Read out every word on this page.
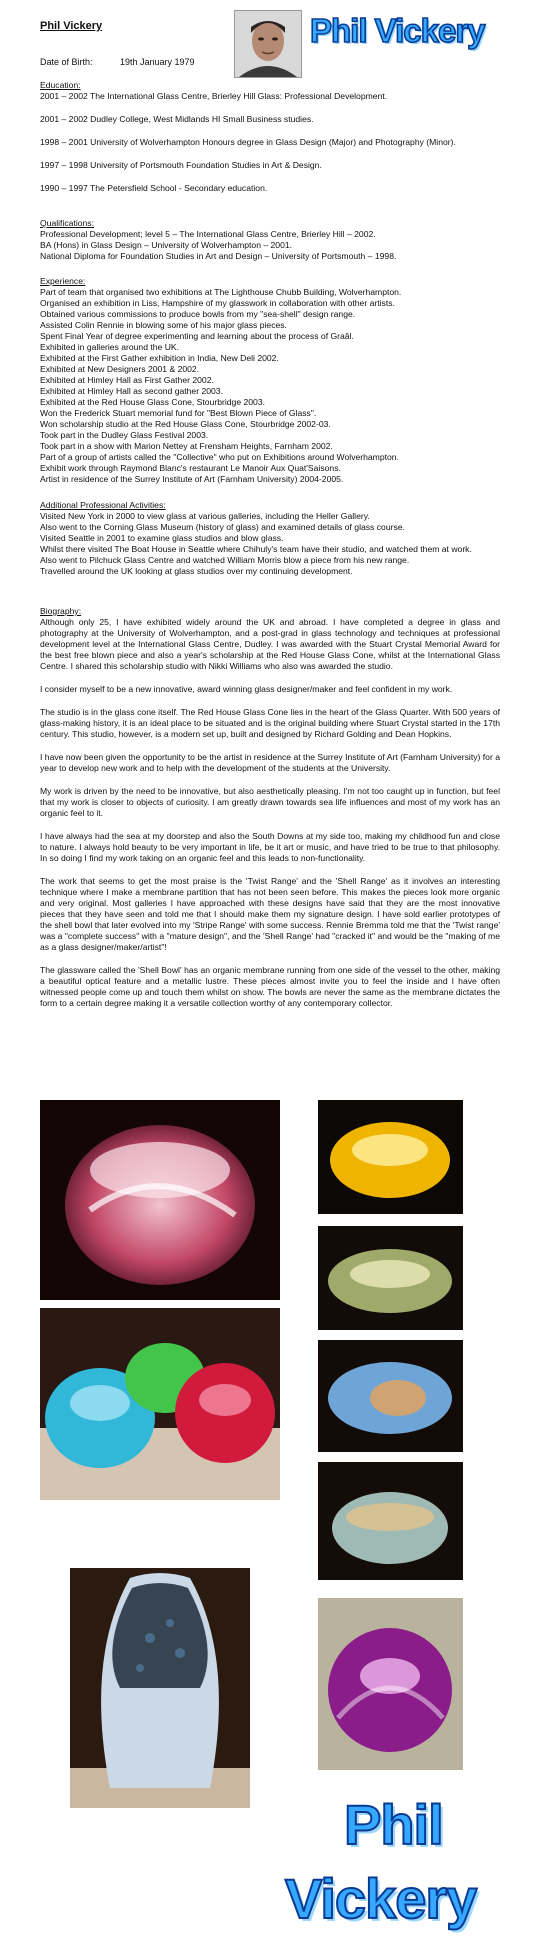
Phil Vickery
Date of Birth:	19th January 1979
Phil Vickery
Education:
2001 – 2002 The International Glass Centre, Brierley Hill Glass: Professional Development.
2001 – 2002 Dudley College, West Midlands HI Small Business studies.
1998 – 2001 University of Wolverhampton Honours degree in Glass Design (Major) and Photography (Minor).
1997 – 1998 University of Portsmouth Foundation Studies in Art & Design.
1990 – 1997 The Petersfield School - Secondary education.
Qualifications:
Professional Development; level 5 – The International Glass Centre, Brierley Hill – 2002.
BA (Hons) in Glass Design – University of Wolverhampton – 2001.
National Diploma for Foundation Studies in Art and Design – University of Portsmouth – 1998.
Experience:
Part of team that organised two exhibitions at The Lighthouse Chubb Building, Wolverhampton.
Organised an exhibition in Liss, Hampshire of my glasswork in collaboration with other artists.
Obtained various commissions to produce bowls from my "sea-shell" design range.
Assisted Colin Rennie in blowing some of his major glass pieces.
Spent Final Year of degree experimenting and learning about the process of Graâl.
Exhibited in galleries around the UK.
Exhibited at the First Gather exhibition in India, New Deli 2002.
Exhibited at New Designers 2001 & 2002.
Exhibited at Himley Hall as First Gather 2002.
Exhibited at Himley Hall as second gather 2003.
Exhibited at the Red House Glass Cone, Stourbridge 2003.
Won the Frederick Stuart memorial fund for "Best Blown Piece of Glass".
Won scholarship studio at the Red House Glass Cone, Stourbridge 2002-03.
Took part in the Dudley Glass Festival 2003.
Took part in a show with Marion Nettey at Frensham Heights, Farnham 2002.
Part of a group of artists called the "Collective" who put on Exhibitions around Wolverhampton.
Exhibit work through Raymond Blanc's restaurant Le Manoir Aux Quat'Saisons.
Artist in residence of the Surrey Institute of Art (Farnham University) 2004-2005.
Additional Professional Activities:
Visited New York in 2000 to view glass at various galleries, including the Heller Gallery.
Also went to the Corning Glass Museum (history of glass) and examined details of glass course.
Visited Seattle in 2001 to examine glass studios and blow glass.
Whilst there visited The Boat House in Seattle where Chihuly's team have their studio, and watched them at work.
Also went to Pilchuck Glass Centre and watched William Morris blow a piece from his new range.
Travelled around the UK looking at glass studios over my continuing development.
Biography:

Although only 25, I have exhibited widely around the UK and abroad. I have completed a degree in glass and photography at the University of Wolverhampton, and a post-grad in glass technology and techniques at professional development level at the International Glass Centre, Dudley. I was awarded with the Stuart Crystal Memorial Award for the best free blown piece and also a year's scholarship at the Red House Glass Cone, whilst at the International Glass Centre. I shared this scholarship studio with Nikki Williams who also was awarded the studio.

I consider myself to be a new innovative, award winning glass designer/maker and feel confident in my work.

The studio is in the glass cone itself. The Red House Glass Cone lies in the heart of the Glass Quarter. With 500 years of glass-making history, it is an ideal place to be situated and is the original building where Stuart Crystal started in the 17th century. This studio, however, is a modern set up, built and designed by Richard Golding and Dean Hopkins.

I have now been given the opportunity to be the artist in residence at the Surrey Institute of Art (Farnham University) for a year to develop new work and to help with the development of the students at the University.

My work is driven by the need to be innovative, but also aesthetically pleasing. I'm not too caught up in function, but feel that my work is closer to objects of curiosity. I am greatly drawn towards sea life influences and most of my work has an organic feel to it.

I have always had the sea at my doorstep and also the South Downs at my side too, making my childhood fun and close to nature. I always hold beauty to be very important in life, be it art or music, and have tried to be true to that philosophy. In so doing I find my work taking on an organic feel and this leads to non-functionality.

The work that seems to get the most praise is the 'Twist Range' and the 'Shell Range' as it involves an interesting technique where I make a membrane partition that has not been seen before. This makes the pieces look more organic and very original. Most galleries I have approached with these designs have said that they are the most innovative pieces that they have seen and told me that I should make them my signature design. I have sold earlier prototypes of the shell bowl that later evolved into my 'Stripe Range' with some success. Rennie Bremma told me that the 'Twist range' was a "complete success" with a "mature design", and the 'Shell Range' had "cracked it" and would be the "making of me as a glass designer/maker/artist"!

The glassware called the 'Shell Bowl' has an organic membrane running from one side of the vessel to the other, making a beautiful optical feature and a metallic lustre. These pieces almost invite you to feel the inside and I have often witnessed people come up and touch them whilst on show. The bowls are never the same as the membrane dictates the form to a certain degree making it a versatile collection worthy of any contemporary collector.

Phil
Vickery
